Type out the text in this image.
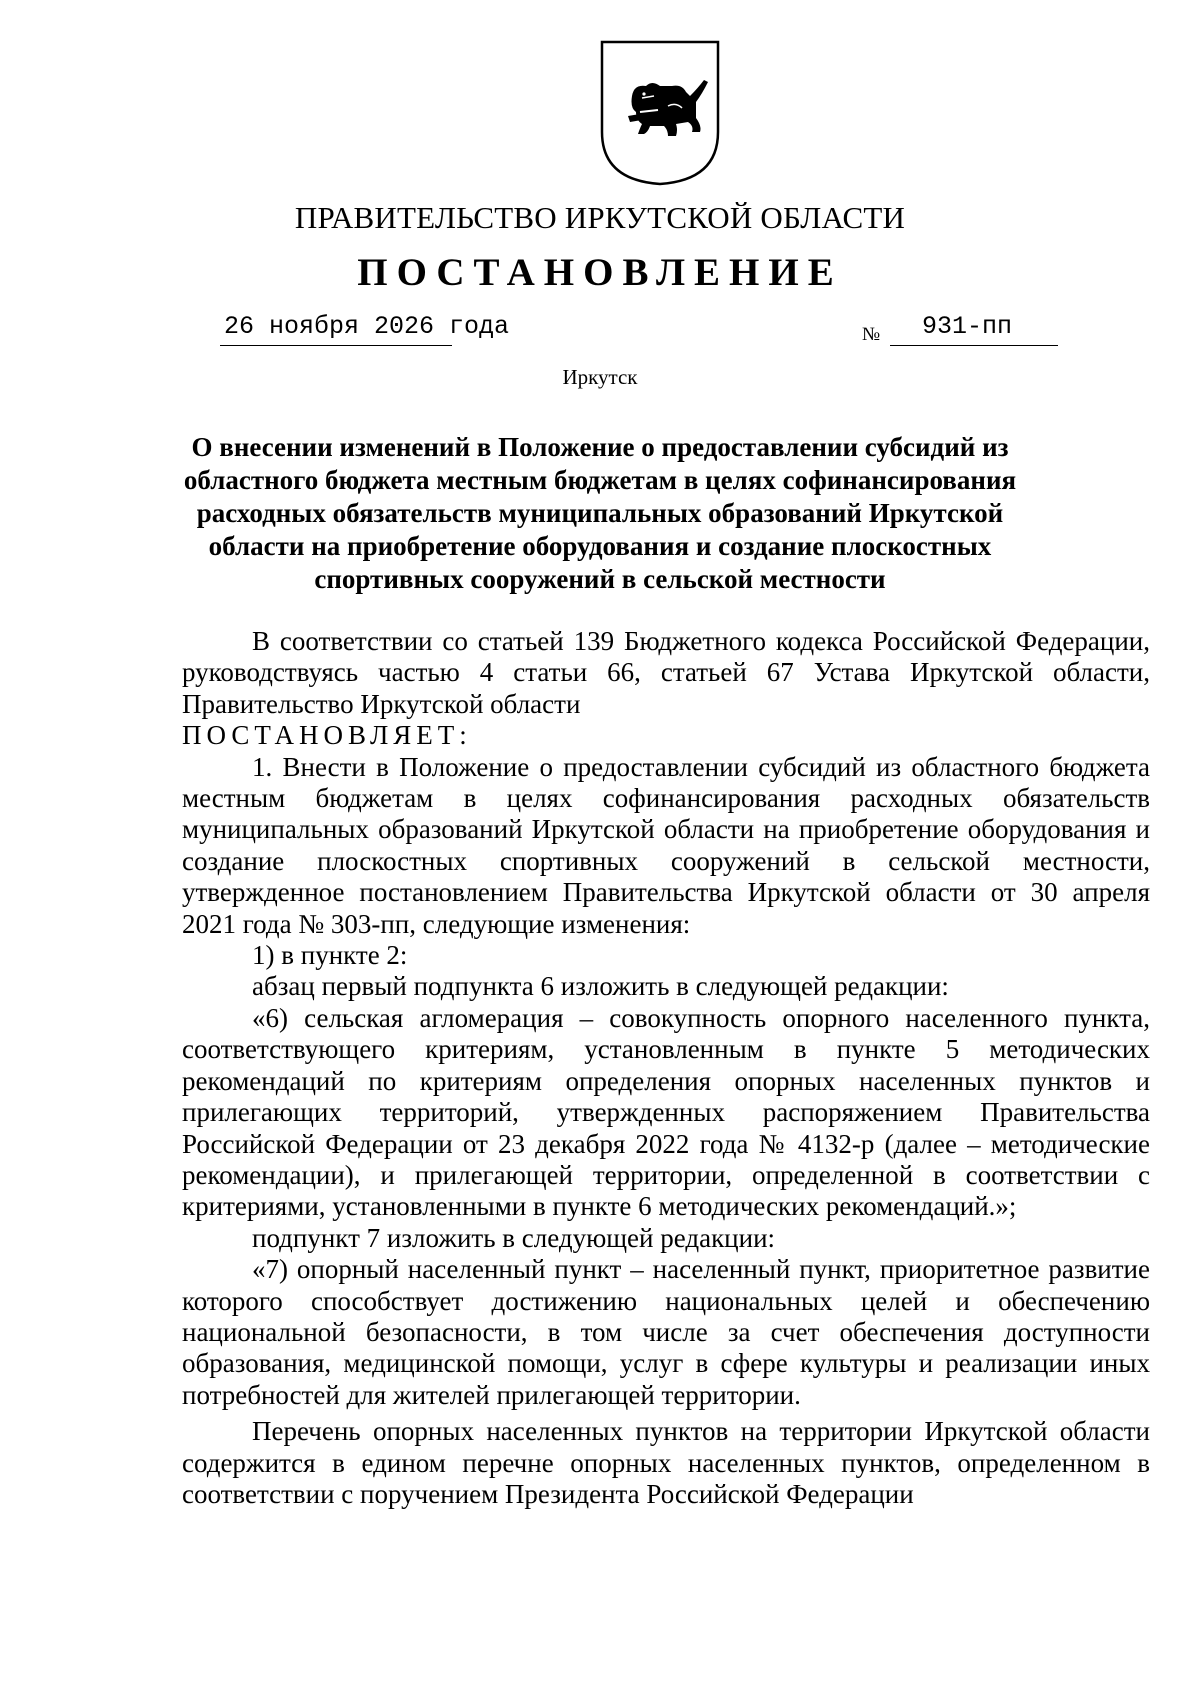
ПРАВИТЕЛЬСТВО ИРКУТСКОЙ ОБЛАСТИ
ПОСТАНОВЛЕНИЕ
26 ноября 2026 года	№ 931-пп
Иркутск
О внесении изменений в Положение о предоставлении субсидий из областного бюджета местным бюджетам в целях софинансирования расходных обязательств муниципальных образований Иркутской области на приобретение оборудования и создание плоскостных спортивных сооружений в сельской местности

В соответствии со статьей 139 Бюджетного кодекса Российской Федерации, руководствуясь частью 4 статьи 66, статьей 67 Устава Иркутской области, Правительство Иркутской области

ПОСТАНОВЛЯЕТ:

1. Внести в Положение о предоставлении субсидий из областного бюджета местным бюджетам в целях софинансирования расходных обязательств муниципальных образований Иркутской области на приобретение оборудования и создание плоскостных спортивных сооружений в сельской местности, утвержденное постановлением Правительства Иркутской области от 30 апреля 2021 года № 303-пп, следующие изменения:

1) в пункте 2:

абзац первый подпункта 6 изложить в следующей редакции:

«6) сельская агломерация – совокупность опорного населенного пункта, соответствующего критериям, установленным в пункте 5 методических рекомендаций по критериям определения опорных населенных пунктов и прилегающих территорий, утвержденных распоряжением Правительства Российской Федерации от 23 декабря 2022 года № 4132-р (далее – методические рекомендации), и прилегающей территории, определенной в соответствии с критериями, установленными в пункте 6 методических рекомендаций.»;

подпункт 7 изложить в следующей редакции:

«7) опорный населенный пункт – населенный пункт, приоритетное развитие которого способствует достижению национальных целей и обеспечению национальной безопасности, в том числе за счет обеспечения доступности образования, медицинской помощи, услуг в сфере культуры и реализации иных потребностей для жителей прилегающей территории.

Перечень опорных населенных пунктов на территории Иркутской области содержится в едином перечне опорных населенных пунктов, определенном в соответствии с поручением Президента Российской Федерации
